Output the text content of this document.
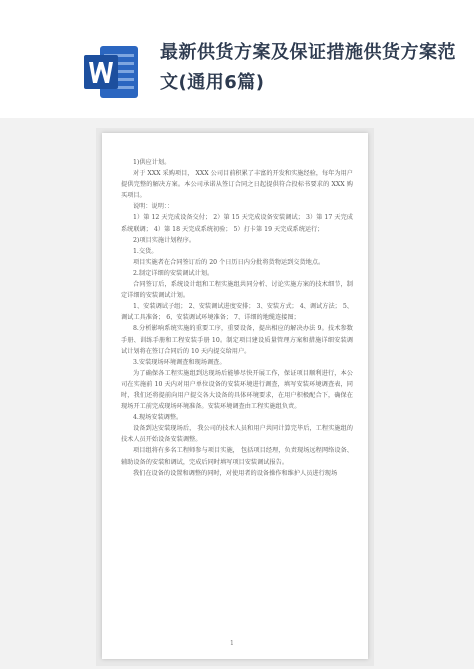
最新供货方案及保证措施供货方案范文(通用6篇)

1)供应计划。

对于 XXX 采购项目， XXX 公司目前积累了丰富的开发和实施经验，每年为用户提供完整的解决方案。本公司承诺从签订合同之日起提供符合投标书要求的 XXX 购买项目。

说明：说明：：

1）第 12 天完成设备交付； 2）第 15 天完成设备安装调试； 3）第 17 天完成系统联调； 4）第 18 天完成系统初验； 5）打卡第 19 天完成系统运行；

2)项目实施计划程序。

1.交货。

项目实施者在合同签订后的 20 个日历日内分批将货物运到交货地点。

2.制定详细的安装调试计划。

合同签订后，系统设计组和工程实施组共同分析、讨论实施方案的技术细节，制定详细的安装调试计划。

1、安装调试子组； 2、安装调试进度安排； 3、安装方式； 4、调试方法； 5、调试工具准备； 6、安装调试环境准备； 7、详细的地缆连接图；

8.分析影响系统实施的重要工序，重要设备，提出相应的解决办法 9。技术参数手册、训练手册和工程安装手册 10。制定项目建设质量管理方案和措施详细安装调试计划将在签订合同后的 10 天内提交给用户。

3.安装现场环境调查和现场调查。

为了确保各工程实施组到达现场后能够尽快开展工作，保证项目顺利进行，本公司在实施前 10 天内对用户单位设备的安装环境进行调查，填写安装环境调查表，同时，我们还将提前向用户提交各大设备的具体环境要求，在用户积极配合下，确保在现场开工前完成现场环境准备。安装环境调查由工程实施组负责。

4.现场安装调整。

设备到达安装现场后， 我公司的技术人员和用户共同计算完毕后，工程实施组的技术人员开始设备安装调整。

项目组将有多名工程师参与项目实施， 包括项目经理，负责现场远程网络设备、辅助设备的安装和调试，完成后同时填写项目安装调试报告。

我们在设备的设置和调整的同时，对使用者的设备操作和维护人员进行现场

1
